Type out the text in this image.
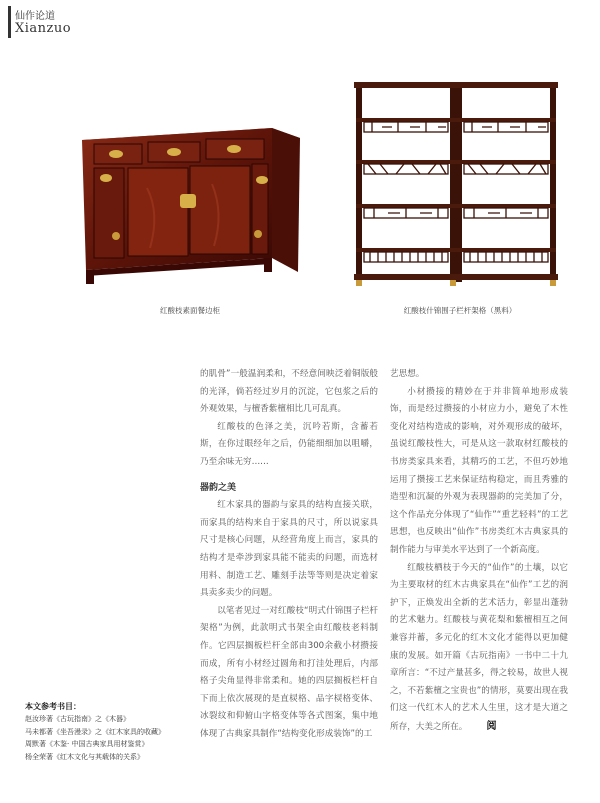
仙作论道
Xianzuo
红酸枝素面餐边柜	红酸枝什锦围子栏杆架格（黑料）

的肌骨”一般温润柔和，不经意间映泛着铜版般的光泽，倘若经过岁月的沉淀，它包浆之后的外观效果，与檀香紫檀相比几可乱真。

红酸枝的色泽之美，沉吟若斯，含蓄若斯，在你过眼经年之后，仍能细细加以咀嚼，乃至余味无穷……

器韵之美

红木家具的器韵与家具的结构直接关联，而家具的结构来自于家具的尺寸，所以说家具尺寸是核心问题，从经营角度上而言，家具的结构才是牵涉到家具能不能卖的问题，而选材用料、制造工艺、雕刻手法等等则是决定着家具卖多卖少的问题。

以笔者见过一对红酸枝“明式什锦围子栏杆架格”为例，此款明式书架全由红酸枝老料制作。它四层搁板栏杆全部由300余截小材攒接而成，所有小材经过圆角和打洼处理后，内部格子尖角显得非常柔和。她的四层搁板栏杆自下而上依次展现的是直棂格、品字棂格变体、冰裂纹和仰俯山字格变体等各式图案，集中地体现了古典家具制作“结构变化形成装饰”的工

艺思想。

小材攒接的精妙在于并非简单地形成装饰，而是经过攒接的小材应力小，避免了木性变化对结构造成的影响，对外观形成的破坏，虽说红酸枝性大，可是从这一款取材红酸枝的书房类家具来看，其精巧的工艺，不但巧妙地运用了攒接工艺来保证结构稳定，而且秀雅的造型和沉凝的外观为表现器韵的完美加了分，这个作品充分体现了“仙作”“重艺轻料”的工艺思想，也反映出“仙作”书房类红木古典家具的制作能力与审美水平达到了一个新高度。

红酸枝栖枝于今天的“仙作”的土壤，以它为主要取材的红木古典家具在“仙作”工艺的润护下，正焕发出全新的艺术活力，彰显出蓬勃的艺术魅力。红酸枝与黄花梨和紫檀相互之间兼容并蓄，多元化的红木文化才能得以更加健康的发展。如开篇《古玩指南》一书中二十九章所言：“不过产量甚多，得之较易，故世人视之，不若紫檀之宝贵也”的情形，莫要出现在我们这一代红木人的艺术人生里，这才是大道之所存，大美之所在。 阅

本文参考书目：
赵汝珍著《古玩指南》之《木器》
马未都著《坐吾漫录》之《红木家具的收藏》
周默著《木鉴· 中国古典家具用材鉴赏》
杨全荣著《红木文化与其载体的关系》
